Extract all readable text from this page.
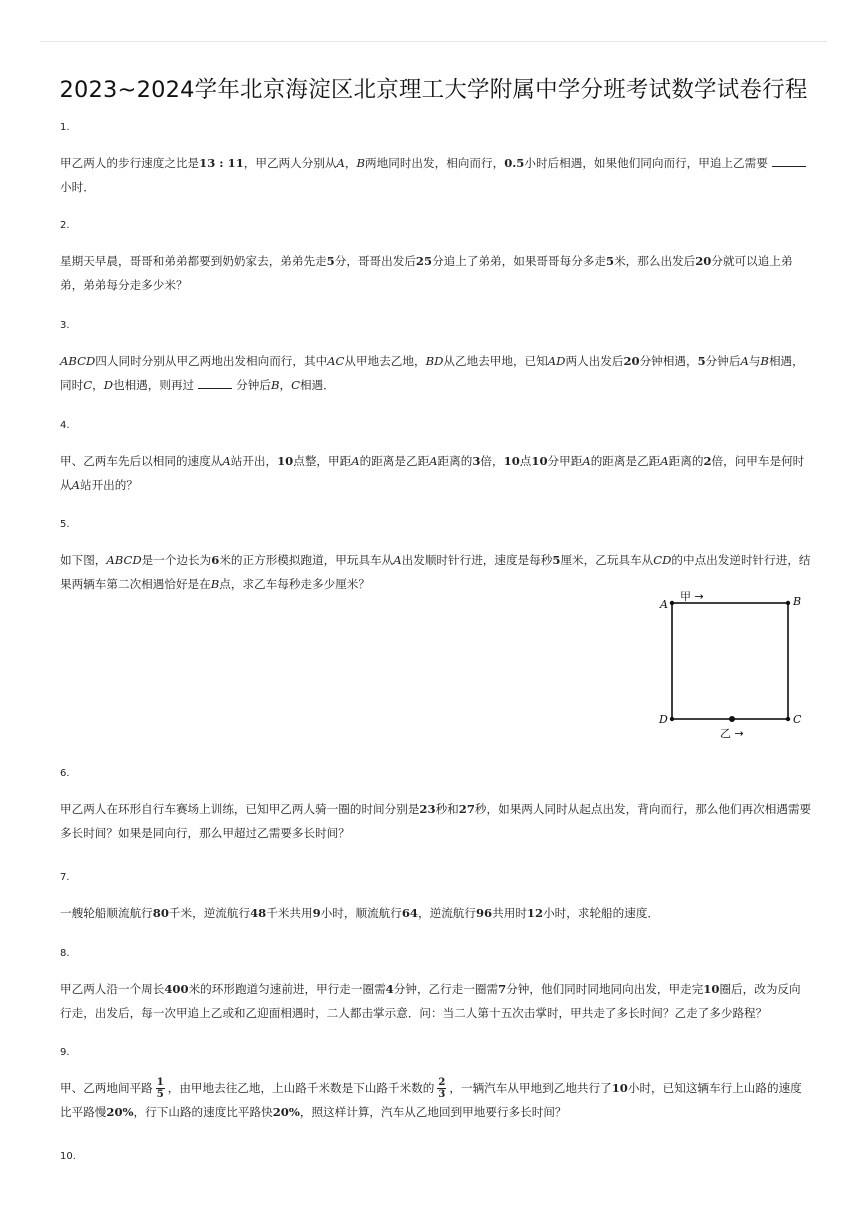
2023~2024学年北京海淀区北京理工大学附属中学分班考试数学试卷行程
1.
甲乙两人的步行速度之比是13 : 11，甲乙两人分别从A，B两地同时出发，相向而行，0.5小时后相遇，如果他们同向而行，甲追上乙需要小时．
2.
星期天早晨，哥哥和弟弟都要到奶奶家去，弟弟先走5分，哥哥出发后25分追上了弟弟，如果哥哥每分多走5米，那么出发后20分就可以追上弟弟，弟弟每分走多少米？
3.
ABCD四人同时分别从甲乙两地出发相向而行，其中AC从甲地去乙地，BD从乙地去甲地，已知AD两人出发后20分钟相遇，5分钟后A与B相遇，同时C，D也相遇，则再过	分钟后B，C相遇．
4.
甲、乙两车先后以相同的速度从A站开出，10点整，甲距A的距离是乙距A距离的3倍，10点10分甲距A的距离是乙距A距离的2倍，问甲车是何时从A站开出的？
5.
如下图，ABCD是一个边长为6米的正方形模拟跑道，甲玩具车从A出发顺时针行进，速度是每秒5厘米，乙玩具车从CD的中点出发逆时针行进，结果两辆车第二次相遇恰好是在B点，求乙车每秒走多少厘米？
A	B
C
D
甲 →
乙 →
6.
甲乙两人在环形自行车赛场上训练，已知甲乙两人骑一圈的时间分别是23秒和27秒，如果两人同时从起点出发，背向而行，那么他们再次相遇需要多长时间？如果是同向行，那么甲超过乙需要多长时间？
7.
一艘轮船顺流航行80千米，逆流航行48千米共用9小时，顺流航行64，逆流航行96共用时12小时，求轮船的速度．
8.
甲乙两人沿一个周长400米的环形跑道匀速前进，甲行走一圈需4分钟，乙行走一圈需7分钟，他们同时同地同向出发，甲走完10圈后，改为反向行走，出发后，每一次甲追上乙或和乙迎面相遇时，二人都击掌示意．问：当二人第十五次击掌时，甲共走了多长时间？乙走了多少路程？
9.
甲、乙两地间平路 $\frac{1}{5}$ ，由甲地去往乙地，上山路千米数是下山路千米数的 $\frac{2}{3}$ ，一辆汽车从甲地到乙地共行了10小时，已知这辆车行上山路的速度比平路慢20%，行下山路的速度比平路快20%，照这样计算，汽车从乙地回到甲地要行多长时间？
10.
